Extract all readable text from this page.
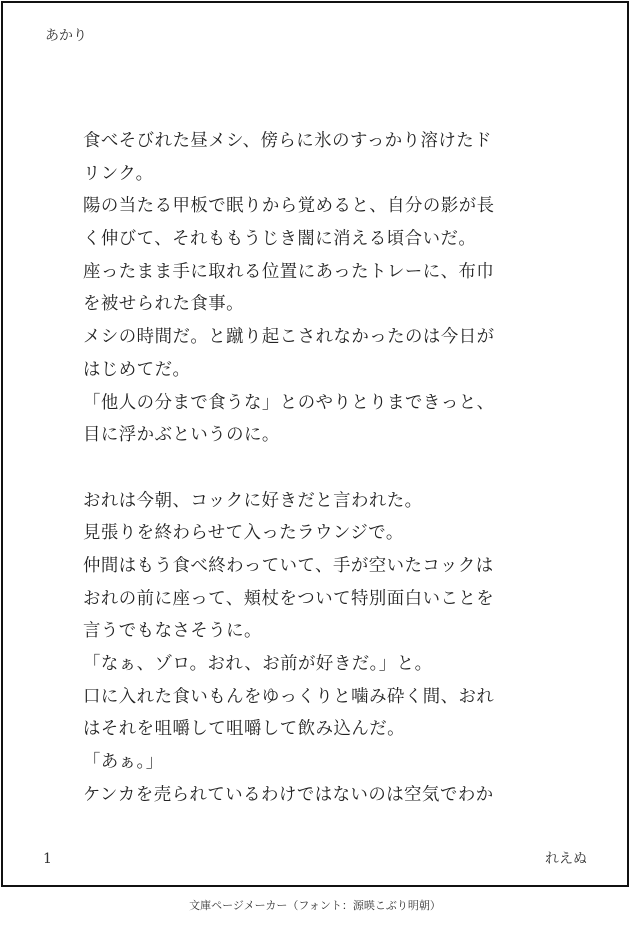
あかり
食べそびれた昼メシ、傍らに氷のすっかり溶けたド
リンク。
陽の当たる甲板で眠りから覚めると、自分の影が長
く伸びて、それももうじき闇に消える頃合いだ。
座ったまま手に取れる位置にあったトレーに、布巾
を被せられた食事。
メシの時間だ。と蹴り起こされなかったのは今日が
はじめてだ。
「他人の分まで食うな」とのやりとりまできっと、
目に浮かぶというのに。
おれは今朝、コックに好きだと言われた。
見張りを終わらせて入ったラウンジで。
仲間はもう食べ終わっていて、手が空いたコックは
おれの前に座って、頬杖をついて特別面白いことを
言うでもなさそうに。
「なぁ、ゾロ。おれ、お前が好きだ。」と。
口に入れた食いもんをゆっくりと噛み砕く間、おれ
はそれを咀嚼して咀嚼して飲み込んだ。
「あぁ。」
ケンカを売られているわけではないのは空気でわか
1	れえぬ
文庫ページメーカー（フォント：源暎こぶり明朝）
